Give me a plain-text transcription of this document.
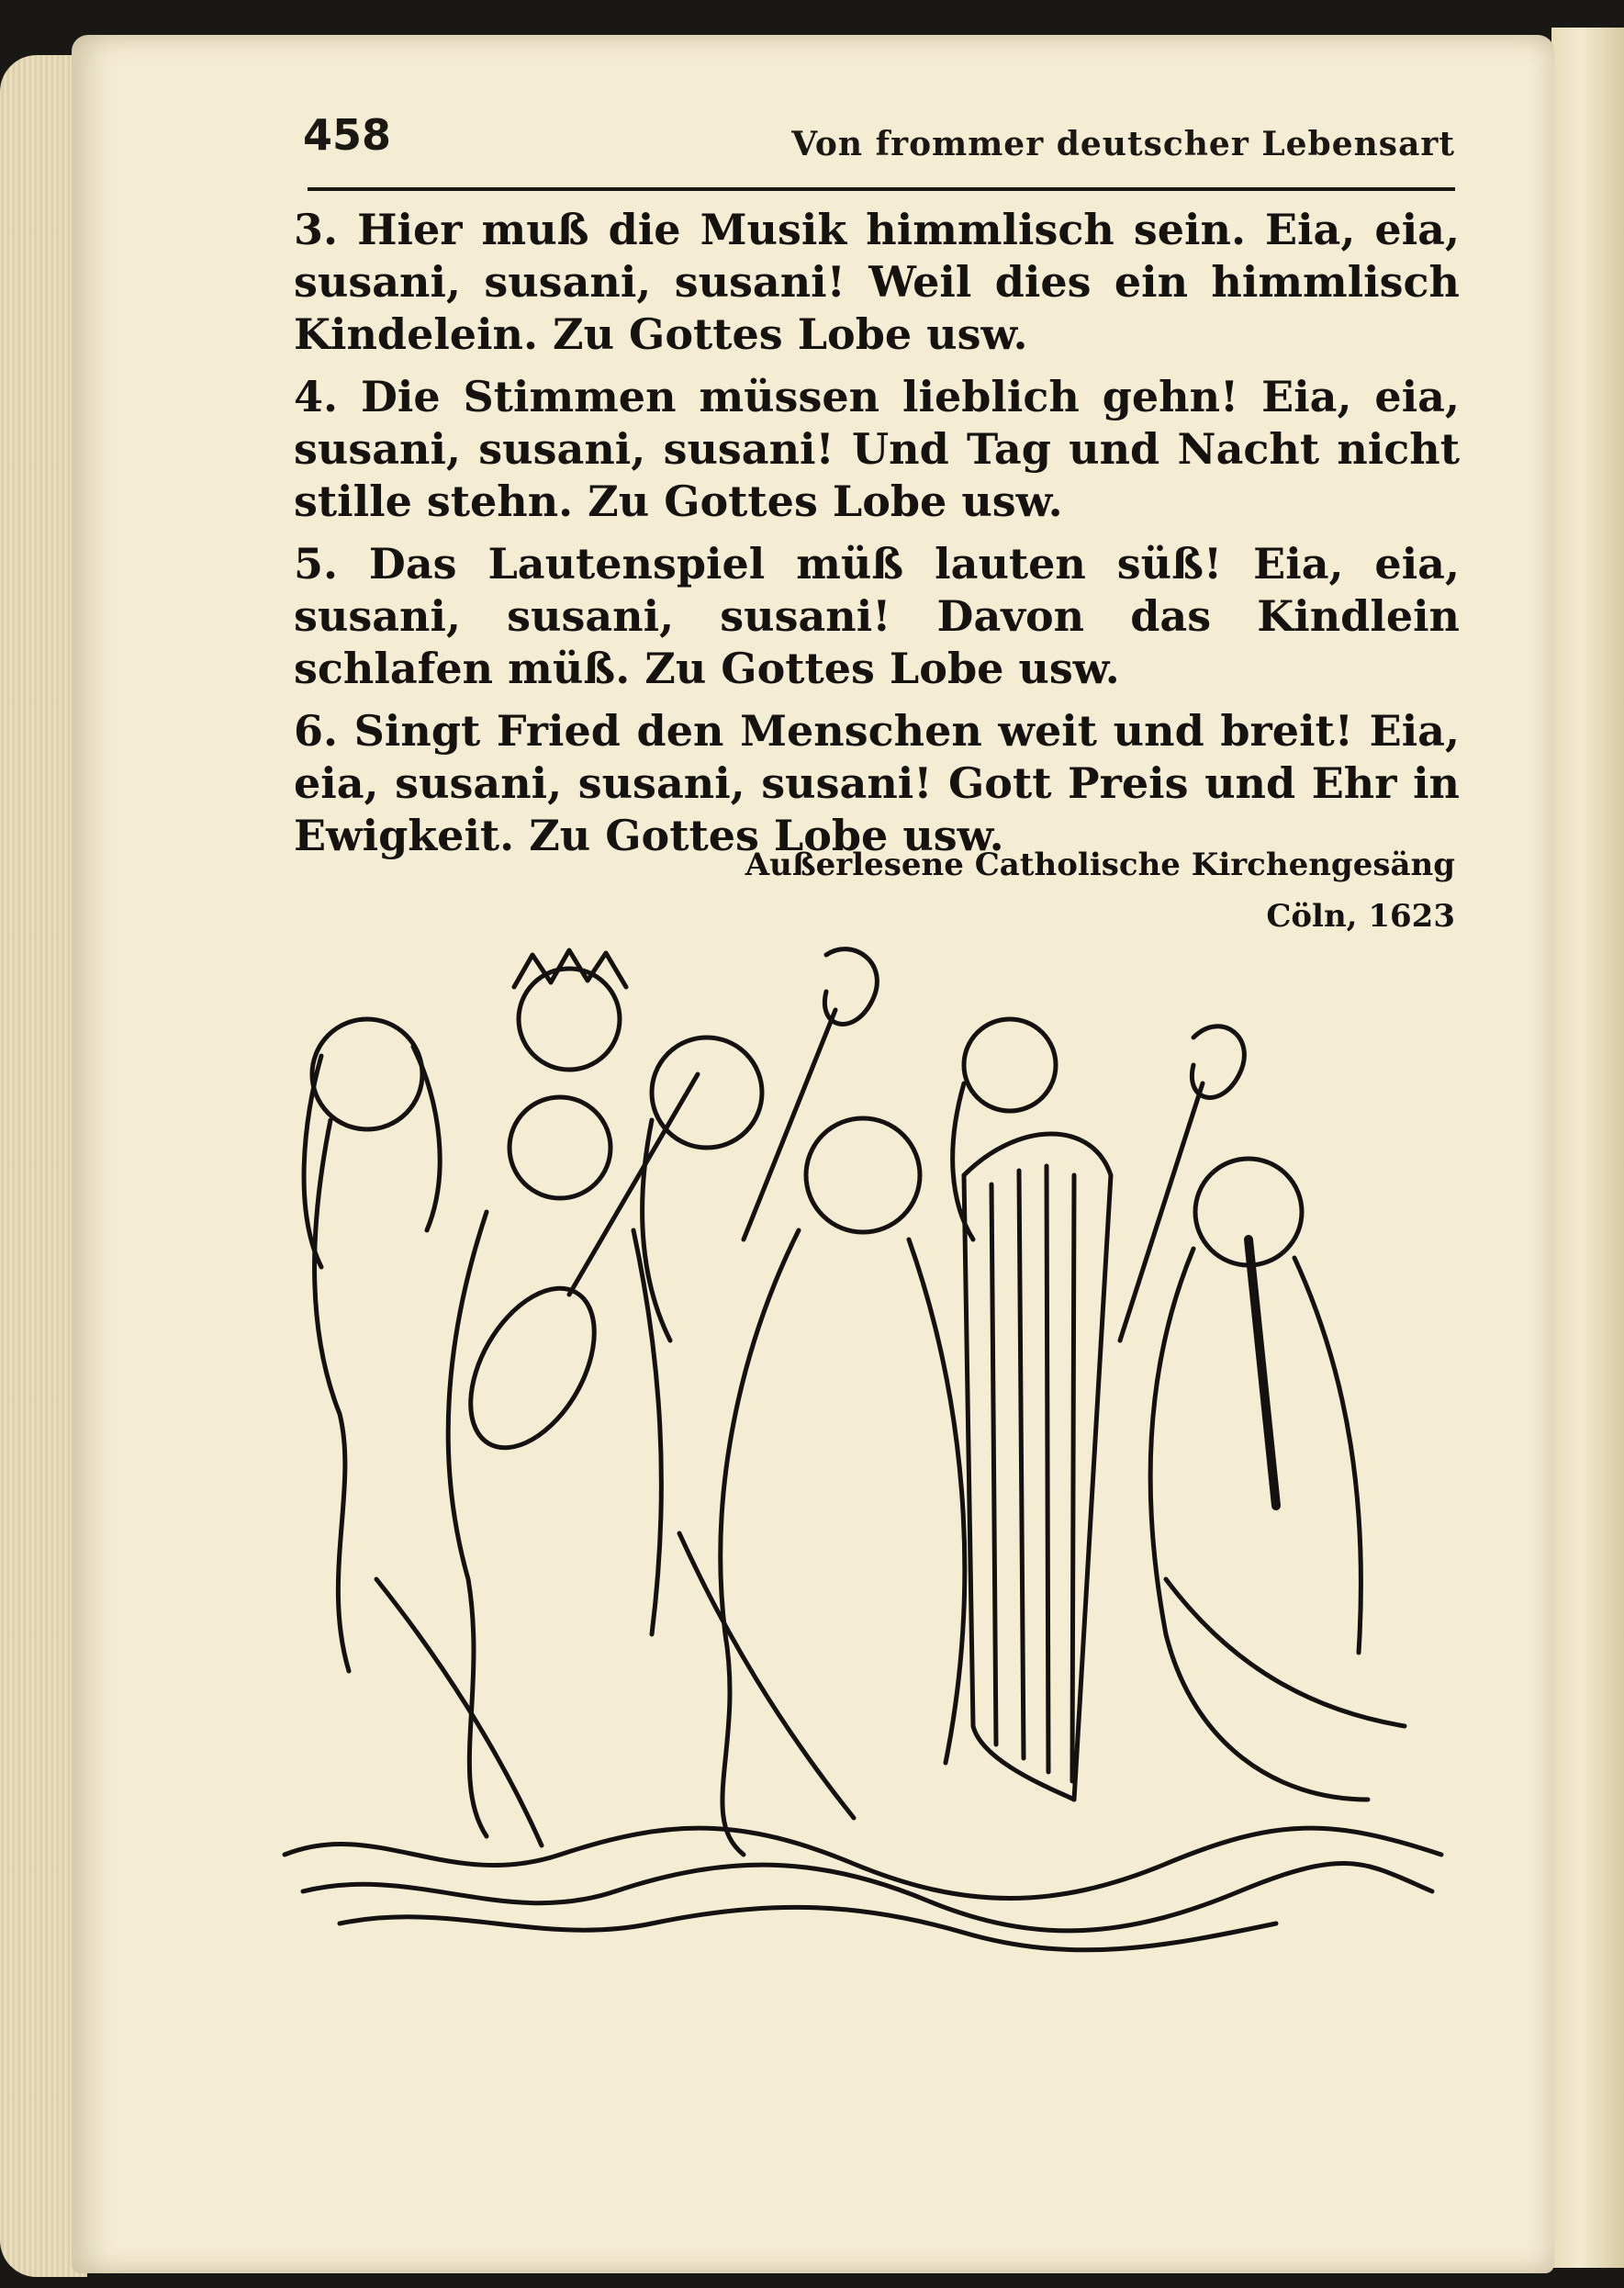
458	Von frommer deutscher Lebensart

3. Hier muß die Musik himmlisch sein. Eia, eia, susani, susani, susani! Weil dies ein himmlisch Kindelein. Zu Gottes Lobe usw.

4. Die Stimmen müssen lieblich gehn! Eia, eia, susani, susani, susani! Und Tag und Nacht nicht stille stehn. Zu Gottes Lobe usw.

5. Das Lautenspiel müß lauten süß! Eia, eia, susani, susani, susani! Davon das Kindlein schlafen müß. Zu Gottes Lobe usw.

6. Singt Fried den Menschen weit und breit! Eia, eia, susani, susani, susani! Gott Preis und Ehr in Ewigkeit. Zu Gottes Lobe usw.

Außerlesene Catholische Kirchengesäng
Cöln, 1623
